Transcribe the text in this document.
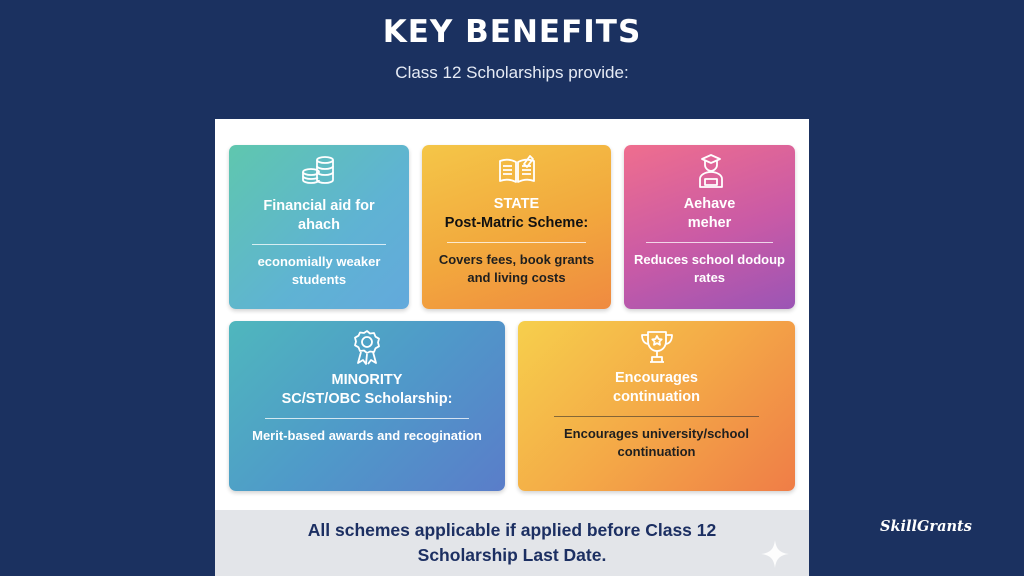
KEY BENEFITS
Class 12 Scholarships provide:
Financial aid for
ahach
economially weaker students
STATE
Post-Matric Scheme:
Covers fees, book grants and living costs
Aehave
meher
Reduces school dodoup rates
MINORITY
SC/ST/OBC Scholarship:
Merit-based awards and recogination
Encourages
continuation
Encourages university/school continuation
All schemes applicable if applied before Class 12
Scholarship Last Date.
SkillGrants
